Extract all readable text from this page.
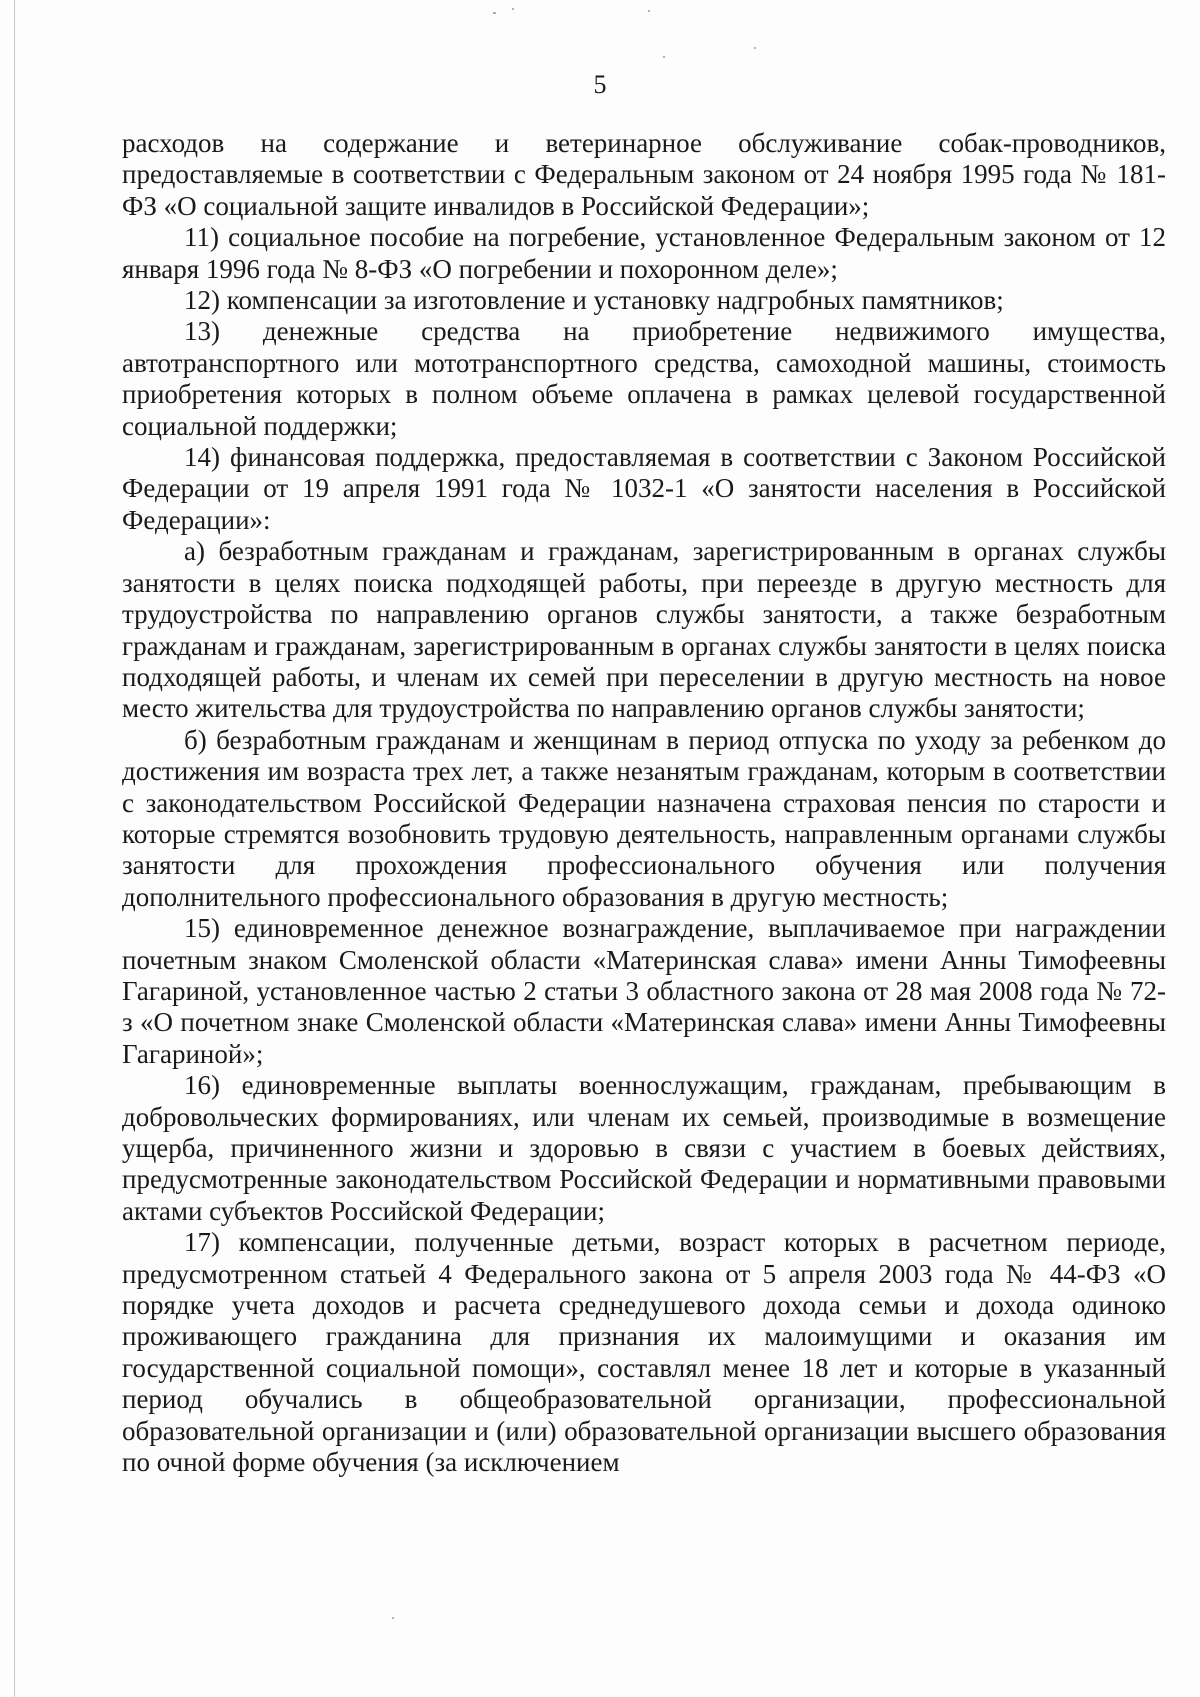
5

расходов на содержание и ветеринарное обслуживание собак-проводников, предоставляемые в соответствии с Федеральным законом от 24 ноября 1995 года № 181-ФЗ «О социальной защите инвалидов в Российской Федерации»;

11) социальное пособие на погребение, установленное Федеральным законом от 12 января 1996 года № 8-ФЗ «О погребении и похоронном деле»;

12) компенсации за изготовление и установку надгробных памятников;

13) денежные средства на приобретение недвижимого имущества, автотранспортного или мототранспортного средства, самоходной машины, стоимость приобретения которых в полном объеме оплачена в рамках целевой государственной социальной поддержки;

14) финансовая поддержка, предоставляемая в соответствии с Законом Российской Федерации от 19 апреля 1991 года № 1032-1 «О занятости населения в Российской Федерации»:

а) безработным гражданам и гражданам, зарегистрированным в органах службы занятости в целях поиска подходящей работы, при переезде в другую местность для трудоустройства по направлению органов службы занятости, а также безработным гражданам и гражданам, зарегистрированным в органах службы занятости в целях поиска подходящей работы, и членам их семей при переселении в другую местность на новое место жительства для трудоустройства по направлению органов службы занятости;

б) безработным гражданам и женщинам в период отпуска по уходу за ребенком до достижения им возраста трех лет, а также незанятым гражданам, которым в соответствии с законодательством Российской Федерации назначена страховая пенсия по старости и которые стремятся возобновить трудовую деятельность, направленным органами службы занятости для прохождения профессионального обучения или получения дополнительного профессионального образования в другую местность;

15) единовременное денежное вознаграждение, выплачиваемое при награждении почетным знаком Смоленской области «Материнская слава» имени Анны Тимофеевны Гагариной, установленное частью 2 статьи 3 областного закона от 28 мая 2008 года № 72-з «О почетном знаке Смоленской области «Материнская слава» имени Анны Тимофеевны Гагариной»;

16) единовременные выплаты военнослужащим, гражданам, пребывающим в добровольческих формированиях, или членам их семьей, производимые в возмещение ущерба, причиненного жизни и здоровью в связи с участием в боевых действиях, предусмотренные законодательством Российской Федерации и нормативными правовыми актами субъектов Российской Федерации;

17) компенсации, полученные детьми, возраст которых в расчетном периоде, предусмотренном статьей 4 Федерального закона от 5 апреля 2003 года № 44-ФЗ «О порядке учета доходов и расчета среднедушевого дохода семьи и дохода одиноко проживающего гражданина для признания их малоимущими и оказания им государственной социальной помощи», составлял менее 18 лет и которые в указанный период обучались в общеобразовательной организации, профессиональной образовательной организации и (или) образовательной организации высшего образования по очной форме обучения (за исключением
